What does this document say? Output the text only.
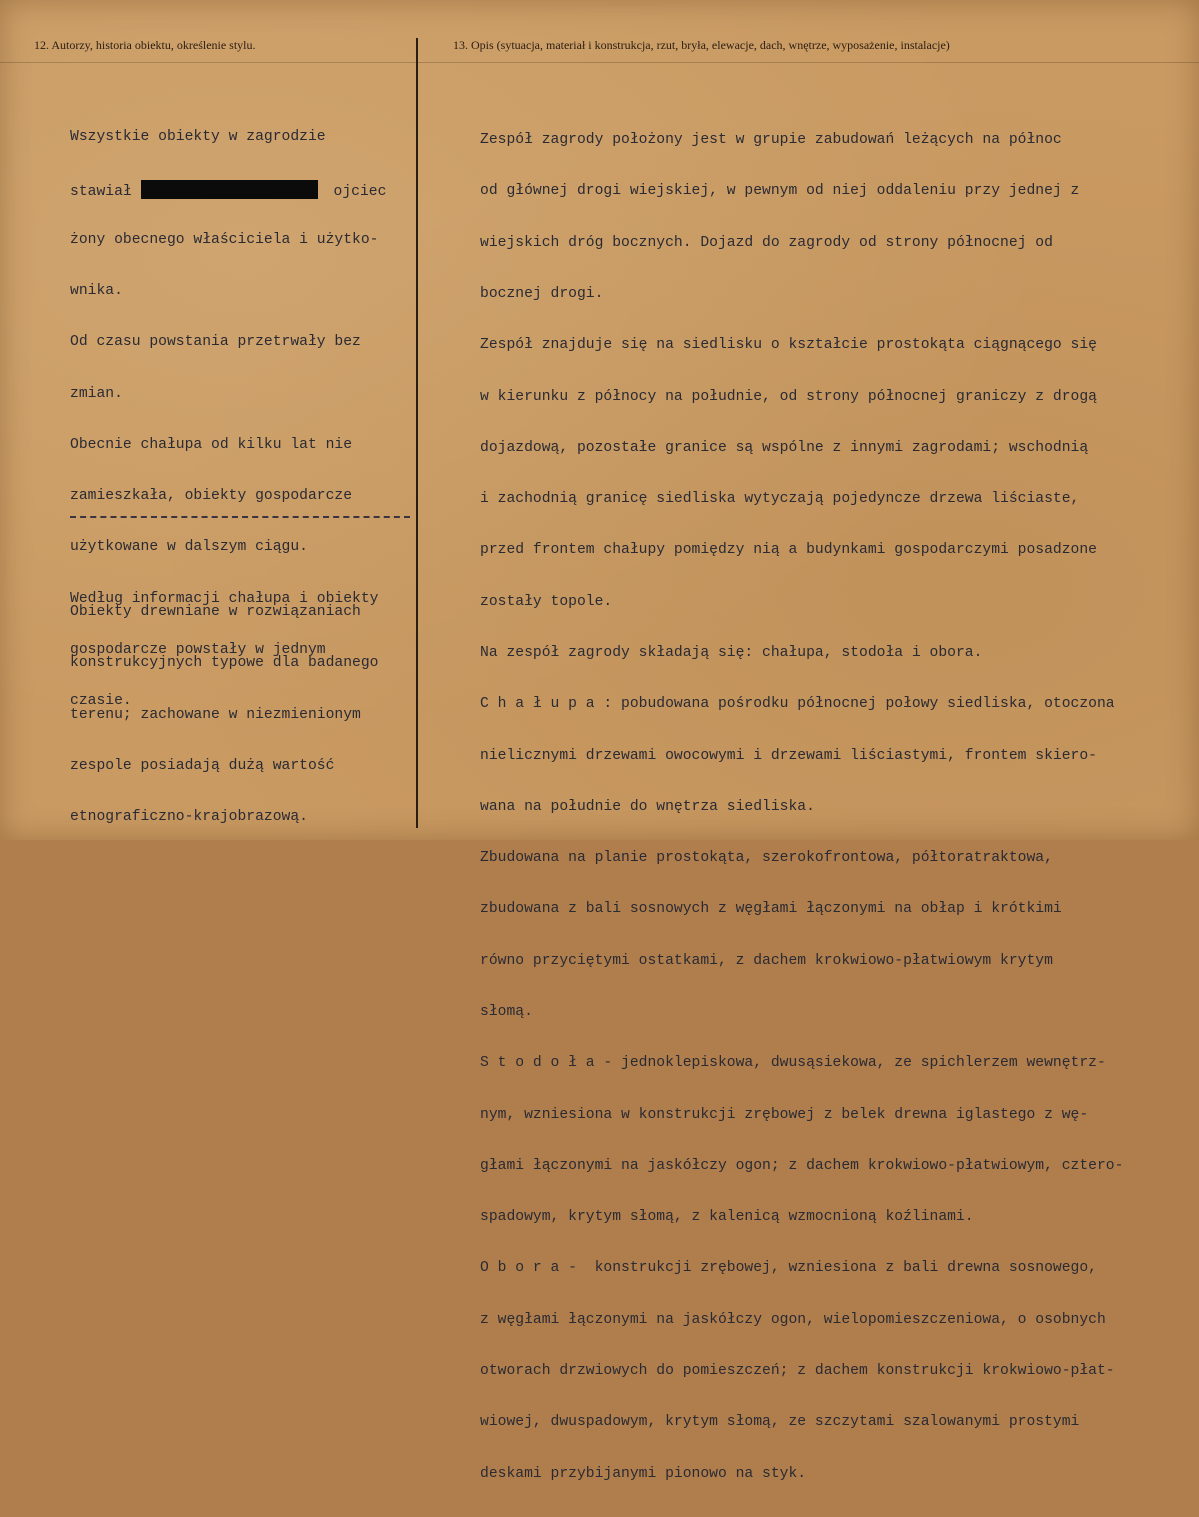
12. Autorzy, historia obiektu, określenie stylu.	13. Opis (sytuacja, materiał i konstrukcja, rzut, bryła, elewacje, dach, wnętrze, wyposażenie, instalacje)

Wszystkie obiekty w zagrodzie

stawiał	ojciec

żony obecnego właściciela i użytko-

wnika.

Od czasu powstania przetrwały bez

zmian.

Obecnie chałupa od kilku lat nie

zamieszkała, obiekty gospodarcze

użytkowane w dalszym ciągu.

Według informacji chałupa i obiekty

gospodarcze powstały w jednym

czasie.

Obiekty drewniane w rozwiązaniach

konstrukcyjnych typowe dla badanego

terenu; zachowane w niezmienionym

zespole posiadają dużą wartość

etnograficzno-krajobrazową.

Zespół zagrody położony jest w grupie zabudowań leżących na północ

od głównej drogi wiejskiej, w pewnym od niej oddaleniu przy jednej z

wiejskich dróg bocznych. Dojazd do zagrody od strony północnej od

bocznej drogi.

Zespół znajduje się na siedlisku o kształcie prostokąta ciągnącego się

w kierunku z północy na południe, od strony północnej graniczy z drogą

dojazdową, pozostałe granice są wspólne z innymi zagrodami; wschodnią

i zachodnią granicę siedliska wytyczają pojedyncze drzewa liściaste,

przed frontem chałupy pomiędzy nią a budynkami gospodarczymi posadzone

zostały topole.

Na zespół zagrody składają się: chałupa, stodoła i obora.

C h a ł u p a : pobudowana pośrodku północnej połowy siedliska, otoczona

nielicznymi drzewami owocowymi i drzewami liściastymi, frontem skiero-

wana na południe do wnętrza siedliska.

Zbudowana na planie prostokąta, szerokofrontowa, półtoratraktowa,

zbudowana z bali sosnowych z węgłami łączonymi na obłap i krótkimi

równo przyciętymi ostatkami, z dachem krokwiowo-płatwiowym krytym

słomą.

S t o d o ł a - jednoklepiskowa, dwusąsiekowa, ze spichlerzem wewnętrz-

nym, wzniesiona w konstrukcji zrębowej z belek drewna iglastego z wę-

głami łączonymi na jaskółczy ogon; z dachem krokwiowo-płatwiowym, cztero-

spadowym, krytym słomą, z kalenicą wzmocnioną koźlinami.

O b o r a -  konstrukcji zrębowej, wzniesiona z bali drewna sosnowego,

z węgłami łączonymi na jaskółczy ogon, wielopomieszczeniowa, o osobnych

otworach drzwiowych do pomieszczeń; z dachem konstrukcji krokwiowo-płat-

wiowej, dwuspadowym, krytym słomą, ze szczytami szalowanymi prostymi

deskami przybijanymi pionowo na styk.
